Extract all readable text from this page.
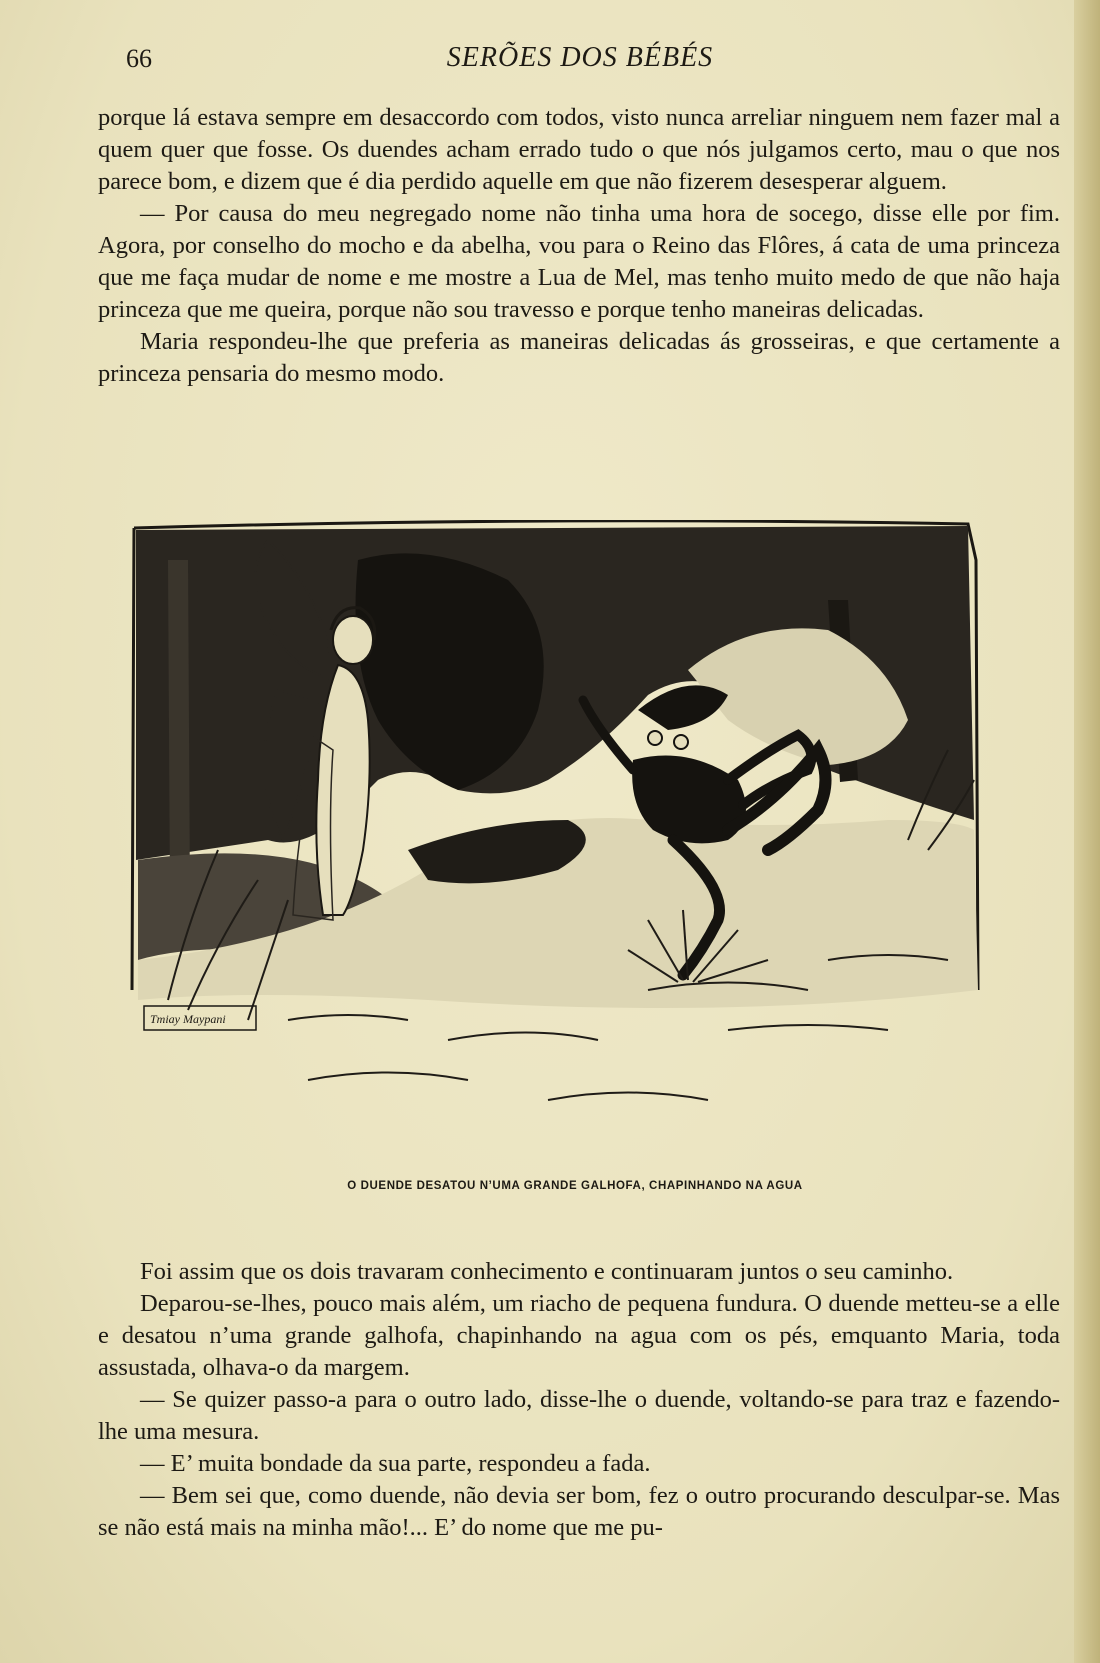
66	SERÕES DOS BÉBÉS

porque lá estava sempre em desaccordo com todos, visto nunca arreliar ninguem nem fazer mal a quem quer que fosse. Os duendes acham errado tudo o que nós julgamos certo, mau o que nos parece bom, e dizem que é dia perdido aquelle em que não fizerem desesperar alguem.

— Por causa do meu negregado nome não tinha uma hora de socego, disse elle por fim. Agora, por conselho do mocho e da abelha, vou para o Reino das Flôres, á cata de uma princeza que me faça mudar de nome e me mostre a Lua de Mel, mas tenho muito medo de que não haja princeza que me queira, porque não sou travesso e porque tenho maneiras delicadas.

Maria respondeu-lhe que preferia as maneiras delicadas ás grosseiras, e que certamente a princeza pensaria do mesmo modo.

Tmiay Maypani
O DUENDE DESATOU N’UMA GRANDE GALHOFA, CHAPINHANDO NA AGUA

Foi assim que os dois travaram conhecimento e continuaram juntos o seu caminho.

Deparou-se-lhes, pouco mais além, um riacho de pequena fundura. O duende metteu-se a elle e desatou n’uma grande galhofa, chapinhando na agua com os pés, emquanto Maria, toda assustada, olhava-o da margem.

— Se quizer passo-a para o outro lado, disse-lhe o duende, voltando-se para traz e fazendo-lhe uma mesura.

— E’ muita bondade da sua parte, respondeu a fada.

— Bem sei que, como duende, não devia ser bom, fez o outro procurando desculpar-se. Mas se não está mais na minha mão!... E’ do nome que me pu-
